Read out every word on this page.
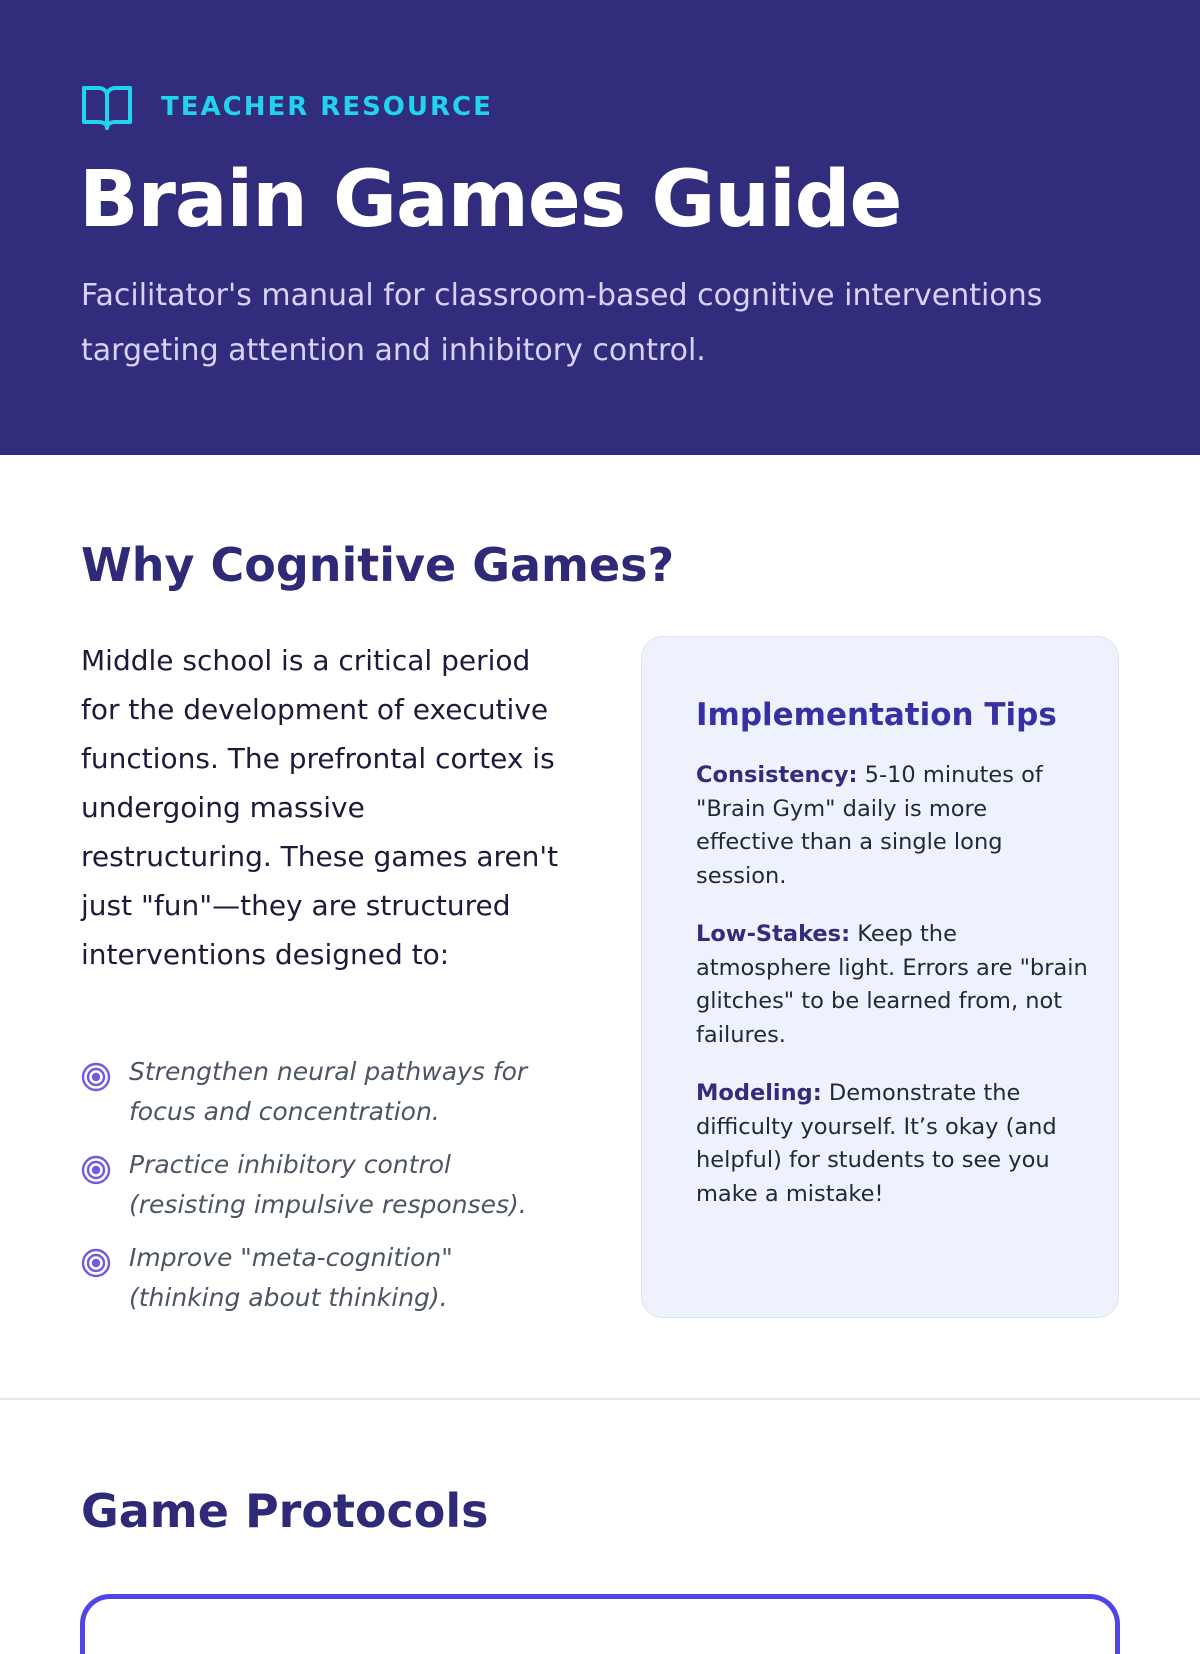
TEACHER RESOURCE
Brain Games Guide

Facilitator's manual for classroom-based cognitive interventions targeting attention and inhibitory control.

Why Cognitive Games?

Middle school is a critical period for the development of executive functions. The prefrontal cortex is undergoing massive restructuring. These games aren't just "fun"—they are structured interventions designed to:

Strengthen neural pathways for focus and concentration.
Practice inhibitory control (resisting impulsive responses).
Improve "meta-cognition" (thinking about thinking).
Implementation Tips

Consistency: 5-10 minutes of "Brain Gym" daily is more effective than a single long session.

Low-Stakes: Keep the atmosphere light. Errors are "brain glitches" to be learned from, not failures.

Modeling: Demonstrate the difficulty yourself. It’s okay (and helpful) for students to see you make a mistake!

Game Protocols
